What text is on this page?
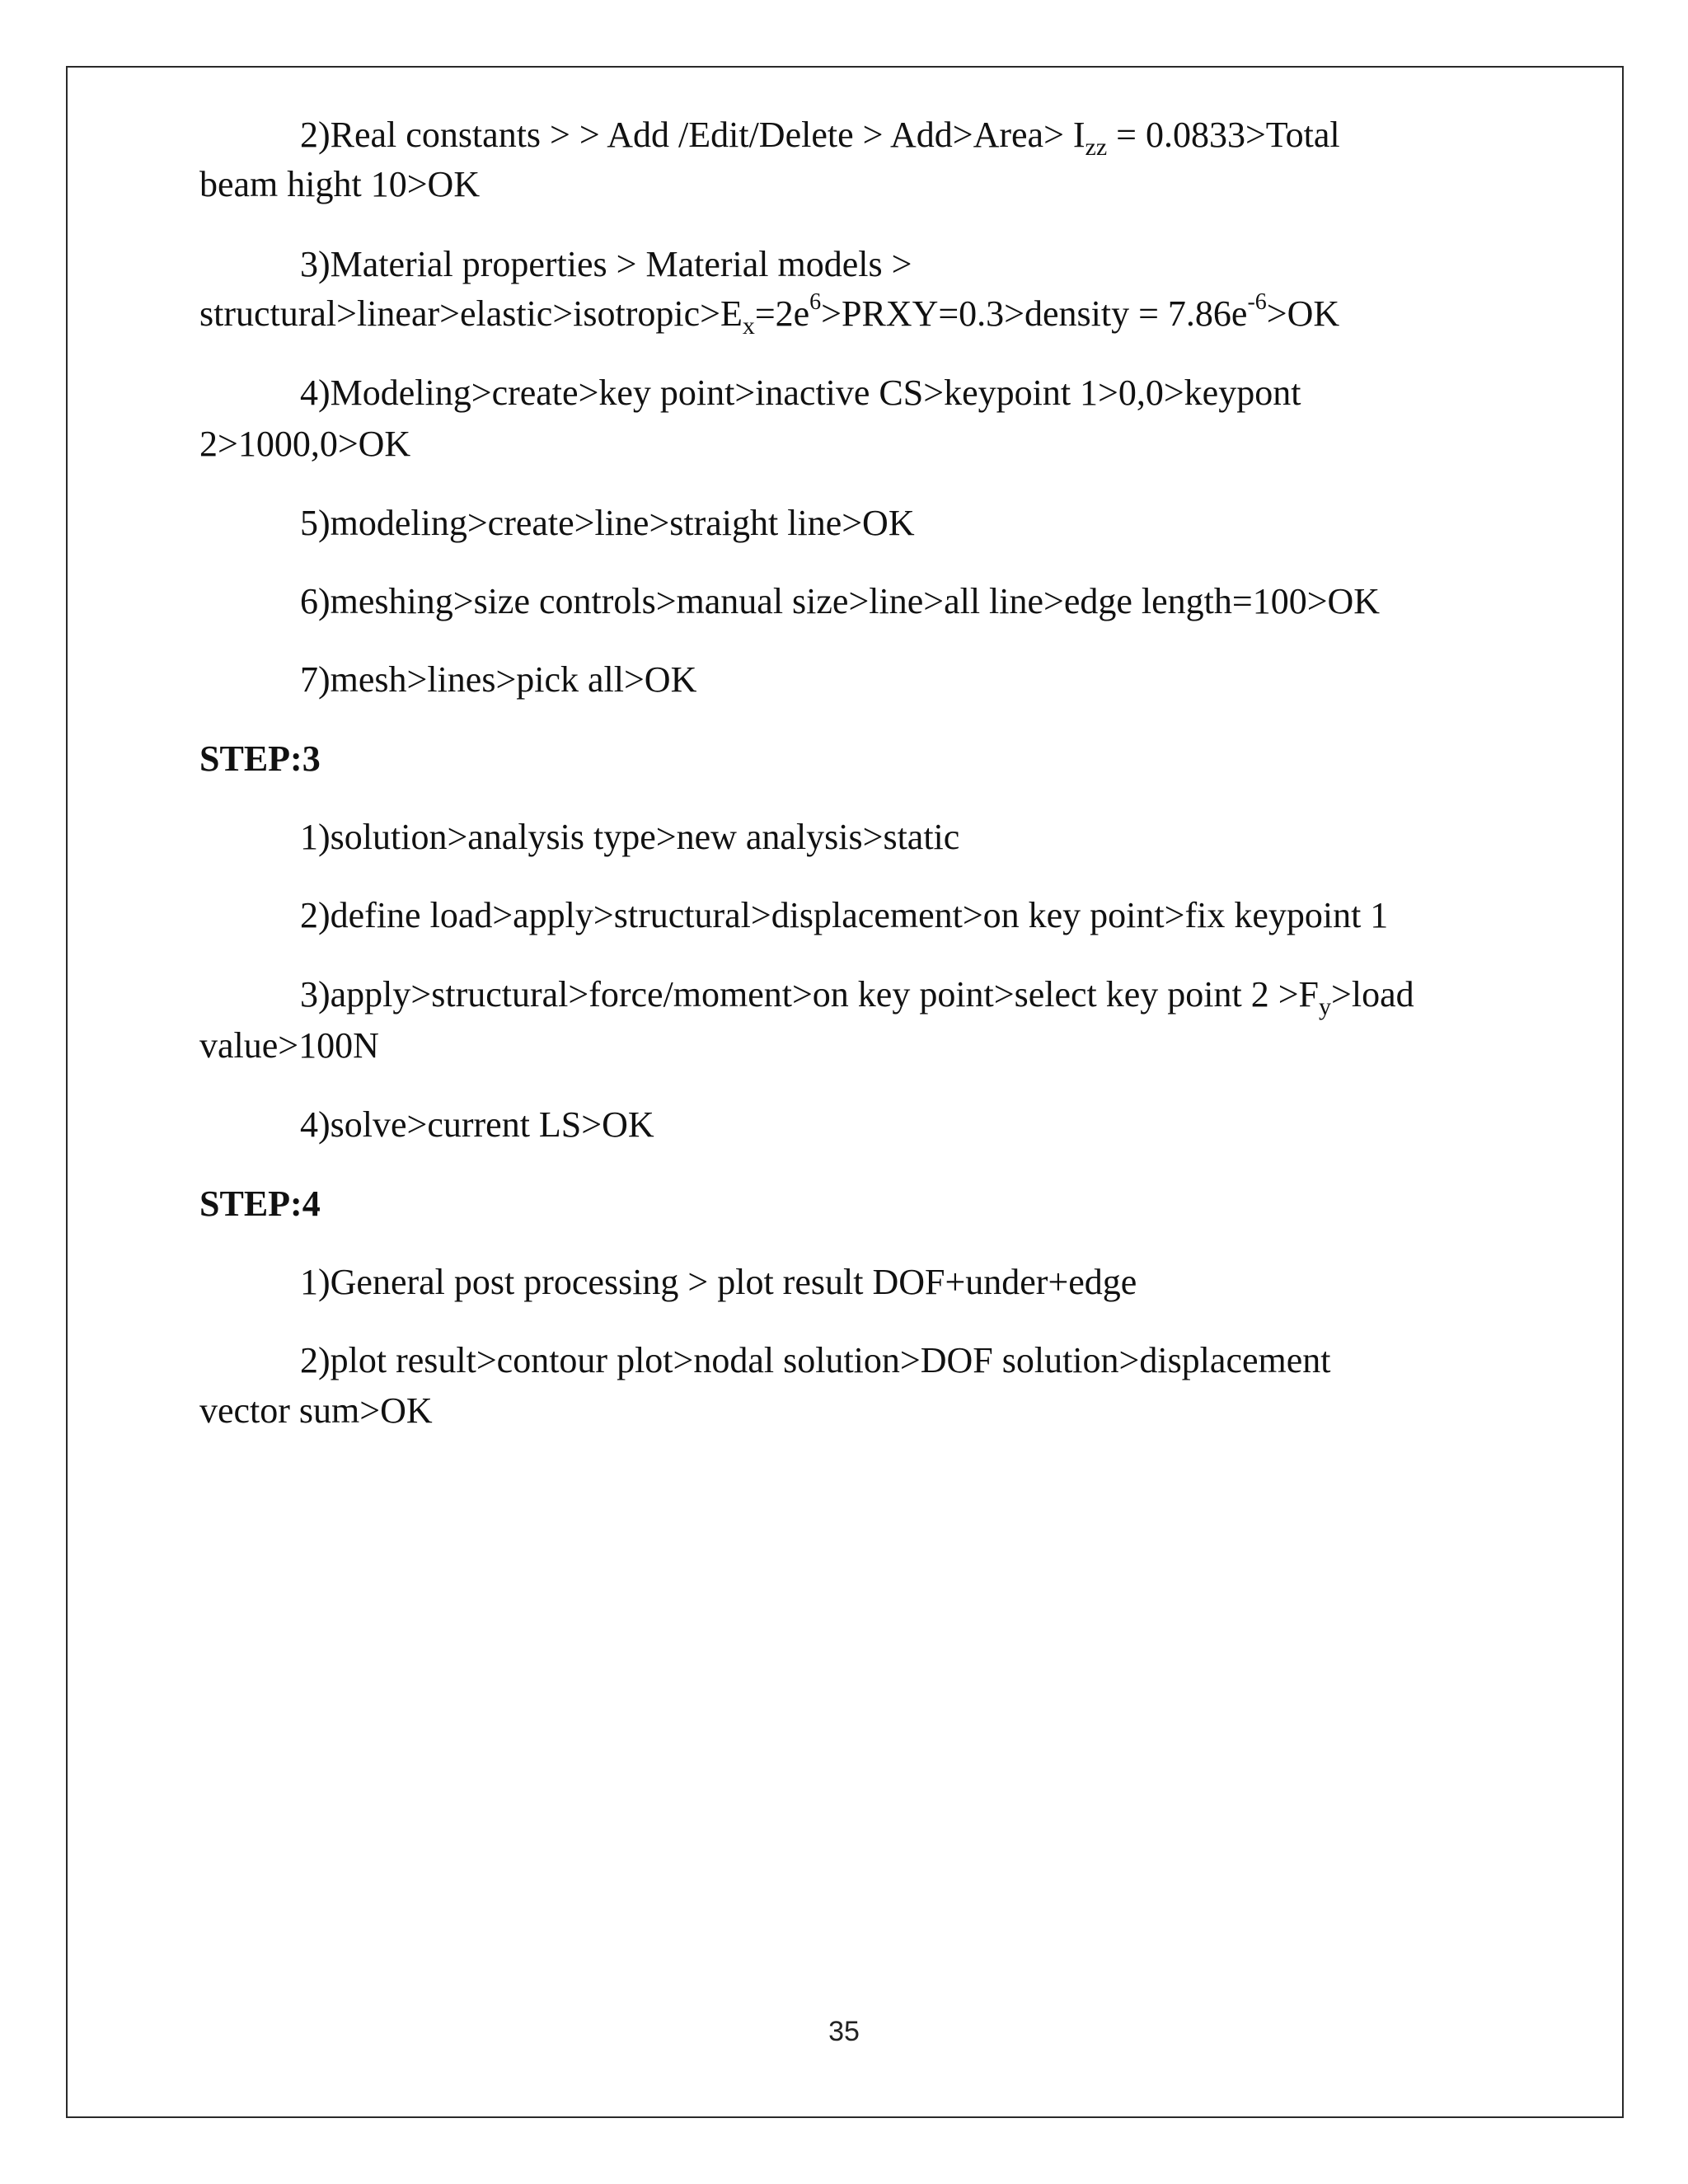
2)Real constants > > Add /Edit/Delete > Add>Area> $I_{zz}$ = 0.0833>Total
beam hight 10>OK
3)Material properties > Material models >
$structural>linear>elastic>isotropic>E_x=2e^6>PRXY=0.3>density = 7.86e^{-6}>OK$
4)Modeling>create>key point>inactive CS>keypoint 1>0,0>keypont
2>1000,0>OK
5)modeling>create>line>straight line>OK
6)meshing>size controls>manual size>line>all line>edge length=100>OK
7)mesh>lines>pick all>OK
STEP:3
1)solution>analysis type>new analysis>static
2)define load>apply>structural>displacement>on key point>fix keypoint 1
3)apply>structural>force/moment>on key point>select key point $2 >F_y>load$
value>100N
4)solve>current LS>OK
STEP:4
1)General post processing > plot result DOF+under+edge
2)plot result>contour plot>nodal solution>DOF solution>displacement
vector sum>OK
35
